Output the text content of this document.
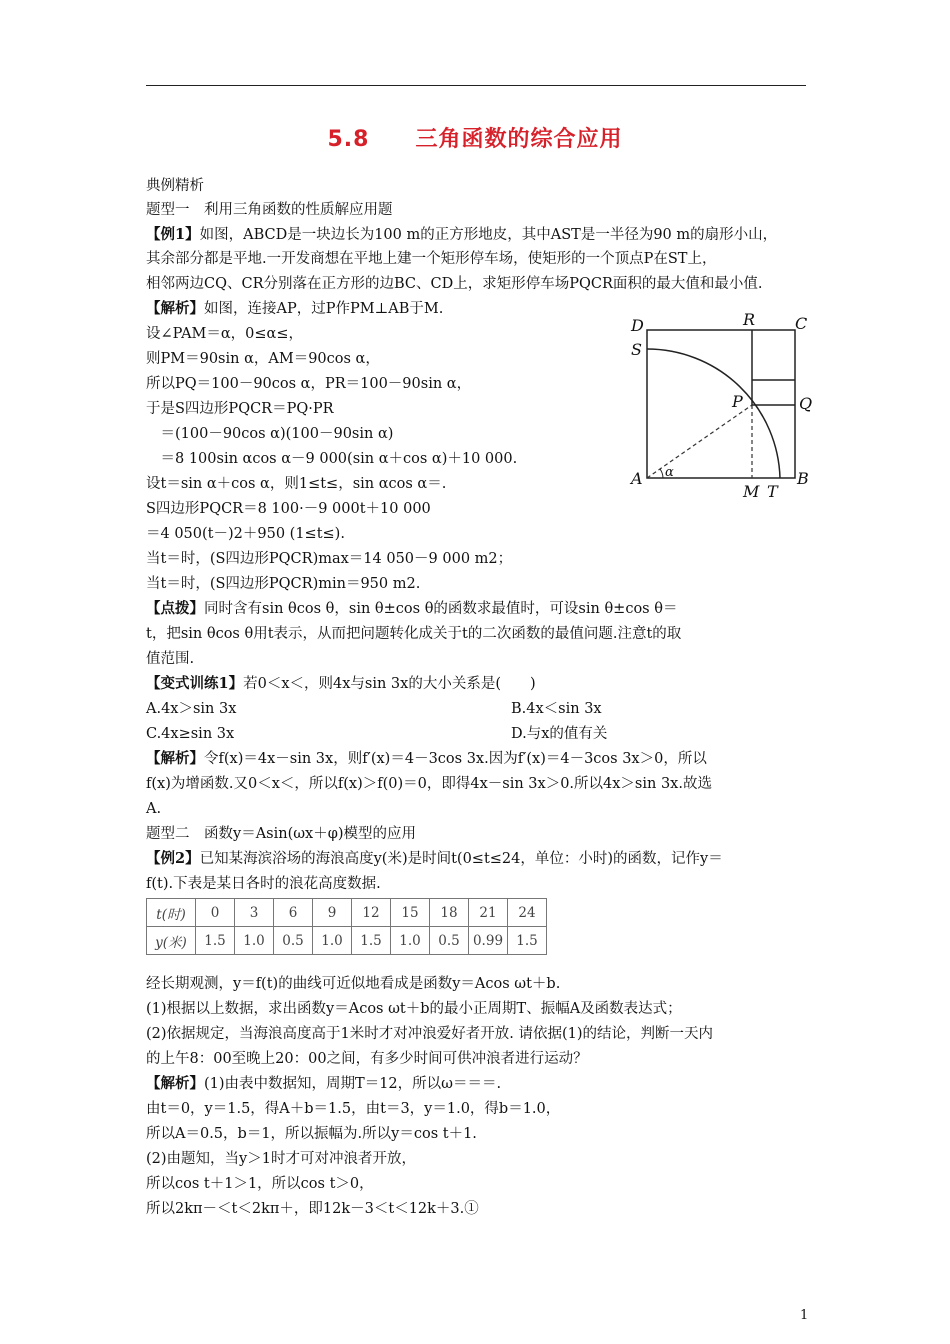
5.8 三角函数的综合应用
典例精析
题型一　利用三角函数的性质解应用题
【例1】如图，ABCD是一块边长为100 m的正方形地皮，其中AST是一半径为90 m的扇形小山，
其余部分都是平地.一开发商想在平地上建一个矩形停车场，使矩形的一个顶点P在ST上，
相邻两边CQ、CR分别落在正方形的边BC、CD上，求矩形停车场PQCR面积的最大值和最小值.
【解析】如图，连接AP，过P作PM⊥AB于M.
设∠PAM＝α，0≤α≤，
则PM＝90sin α，AM＝90cos α，
所以PQ＝100－90cos α，PR＝100－90sin α，
于是S四边形PQCR＝PQ·PR
　＝(100－90cos α)(100－90sin α)
　＝8 100sin αcos α－9 000(sin α＋cos α)＋10 000.
设t＝sin α＋cos α，则1≤t≤，sin αcos α＝.
S四边形PQCR＝8 100·－9 000t＋10 000
＝4 050(t－)2＋950 (1≤t≤).
当t＝时，(S四边形PQCR)max＝14 050－9 000 m2；
当t＝时，(S四边形PQCR)min＝950 m2.
【点拨】同时含有sin θcos θ，sin θ±cos θ的函数求最值时，可设sin θ±cos θ＝
t，把sin θcos θ用t表示，从而把问题转化成关于t的二次函数的最值问题.注意t的取
值范围.
【变式训练1】若0＜x＜，则4x与sin 3x的大小关系是(　　)
A.4x＞sin 3x	B.4x＜sin 3x
C.4x≥sin 3x	D.与x的值有关
【解析】令f(x)＝4x－sin 3x，则f′(x)＝4－3cos 3x.因为f′(x)＝4－3cos 3x＞0，所以
f(x)为增函数.又0＜x＜，所以f(x)＞f(0)＝0，即得4x－sin 3x＞0.所以4x＞sin 3x.故选
A.
题型二　函数y＝Asin(ωx＋φ)模型的应用
【例2】已知某海滨浴场的海浪高度y(米)是时间t(0≤t≤24，单位：小时)的函数，记作y＝
f(t).下表是某日各时的浪花高度数据.
t(时)	0	3	6	9	12	15	18	21	24
y(米)	1.5	1.0	0.5	1.0	1.5	1.0	0.5	0.99	1.5
经长期观测，y＝f(t)的曲线可近似地看成是函数y＝Acos ωt＋b.
(1)根据以上数据，求出函数y＝Acos ωt＋b的最小正周期T、振幅A及函数表达式；
(2)依据规定，当海浪高度高于1米时才对冲浪爱好者开放. 请依据(1)的结论，判断一天内
的上午8：00至晚上20：00之间，有多少时间可供冲浪者进行运动？
【解析】(1)由表中数据知，周期T＝12，所以ω＝＝＝.
由t＝0，y＝1.5，得A＋b＝1.5，由t＝3，y＝1.0，得b＝1.0，
所以A＝0.5，b＝1，所以振幅为.所以y＝cos t＋1.
(2)由题知，当y＞1时才可对冲浪者开放，
所以cos t＋1＞1，所以cos t＞0，
所以2kπ－＜t＜2kπ＋，即12k－3＜t＜12k＋3.①
D	R C
S
P	Q
A α	B
M T
1
